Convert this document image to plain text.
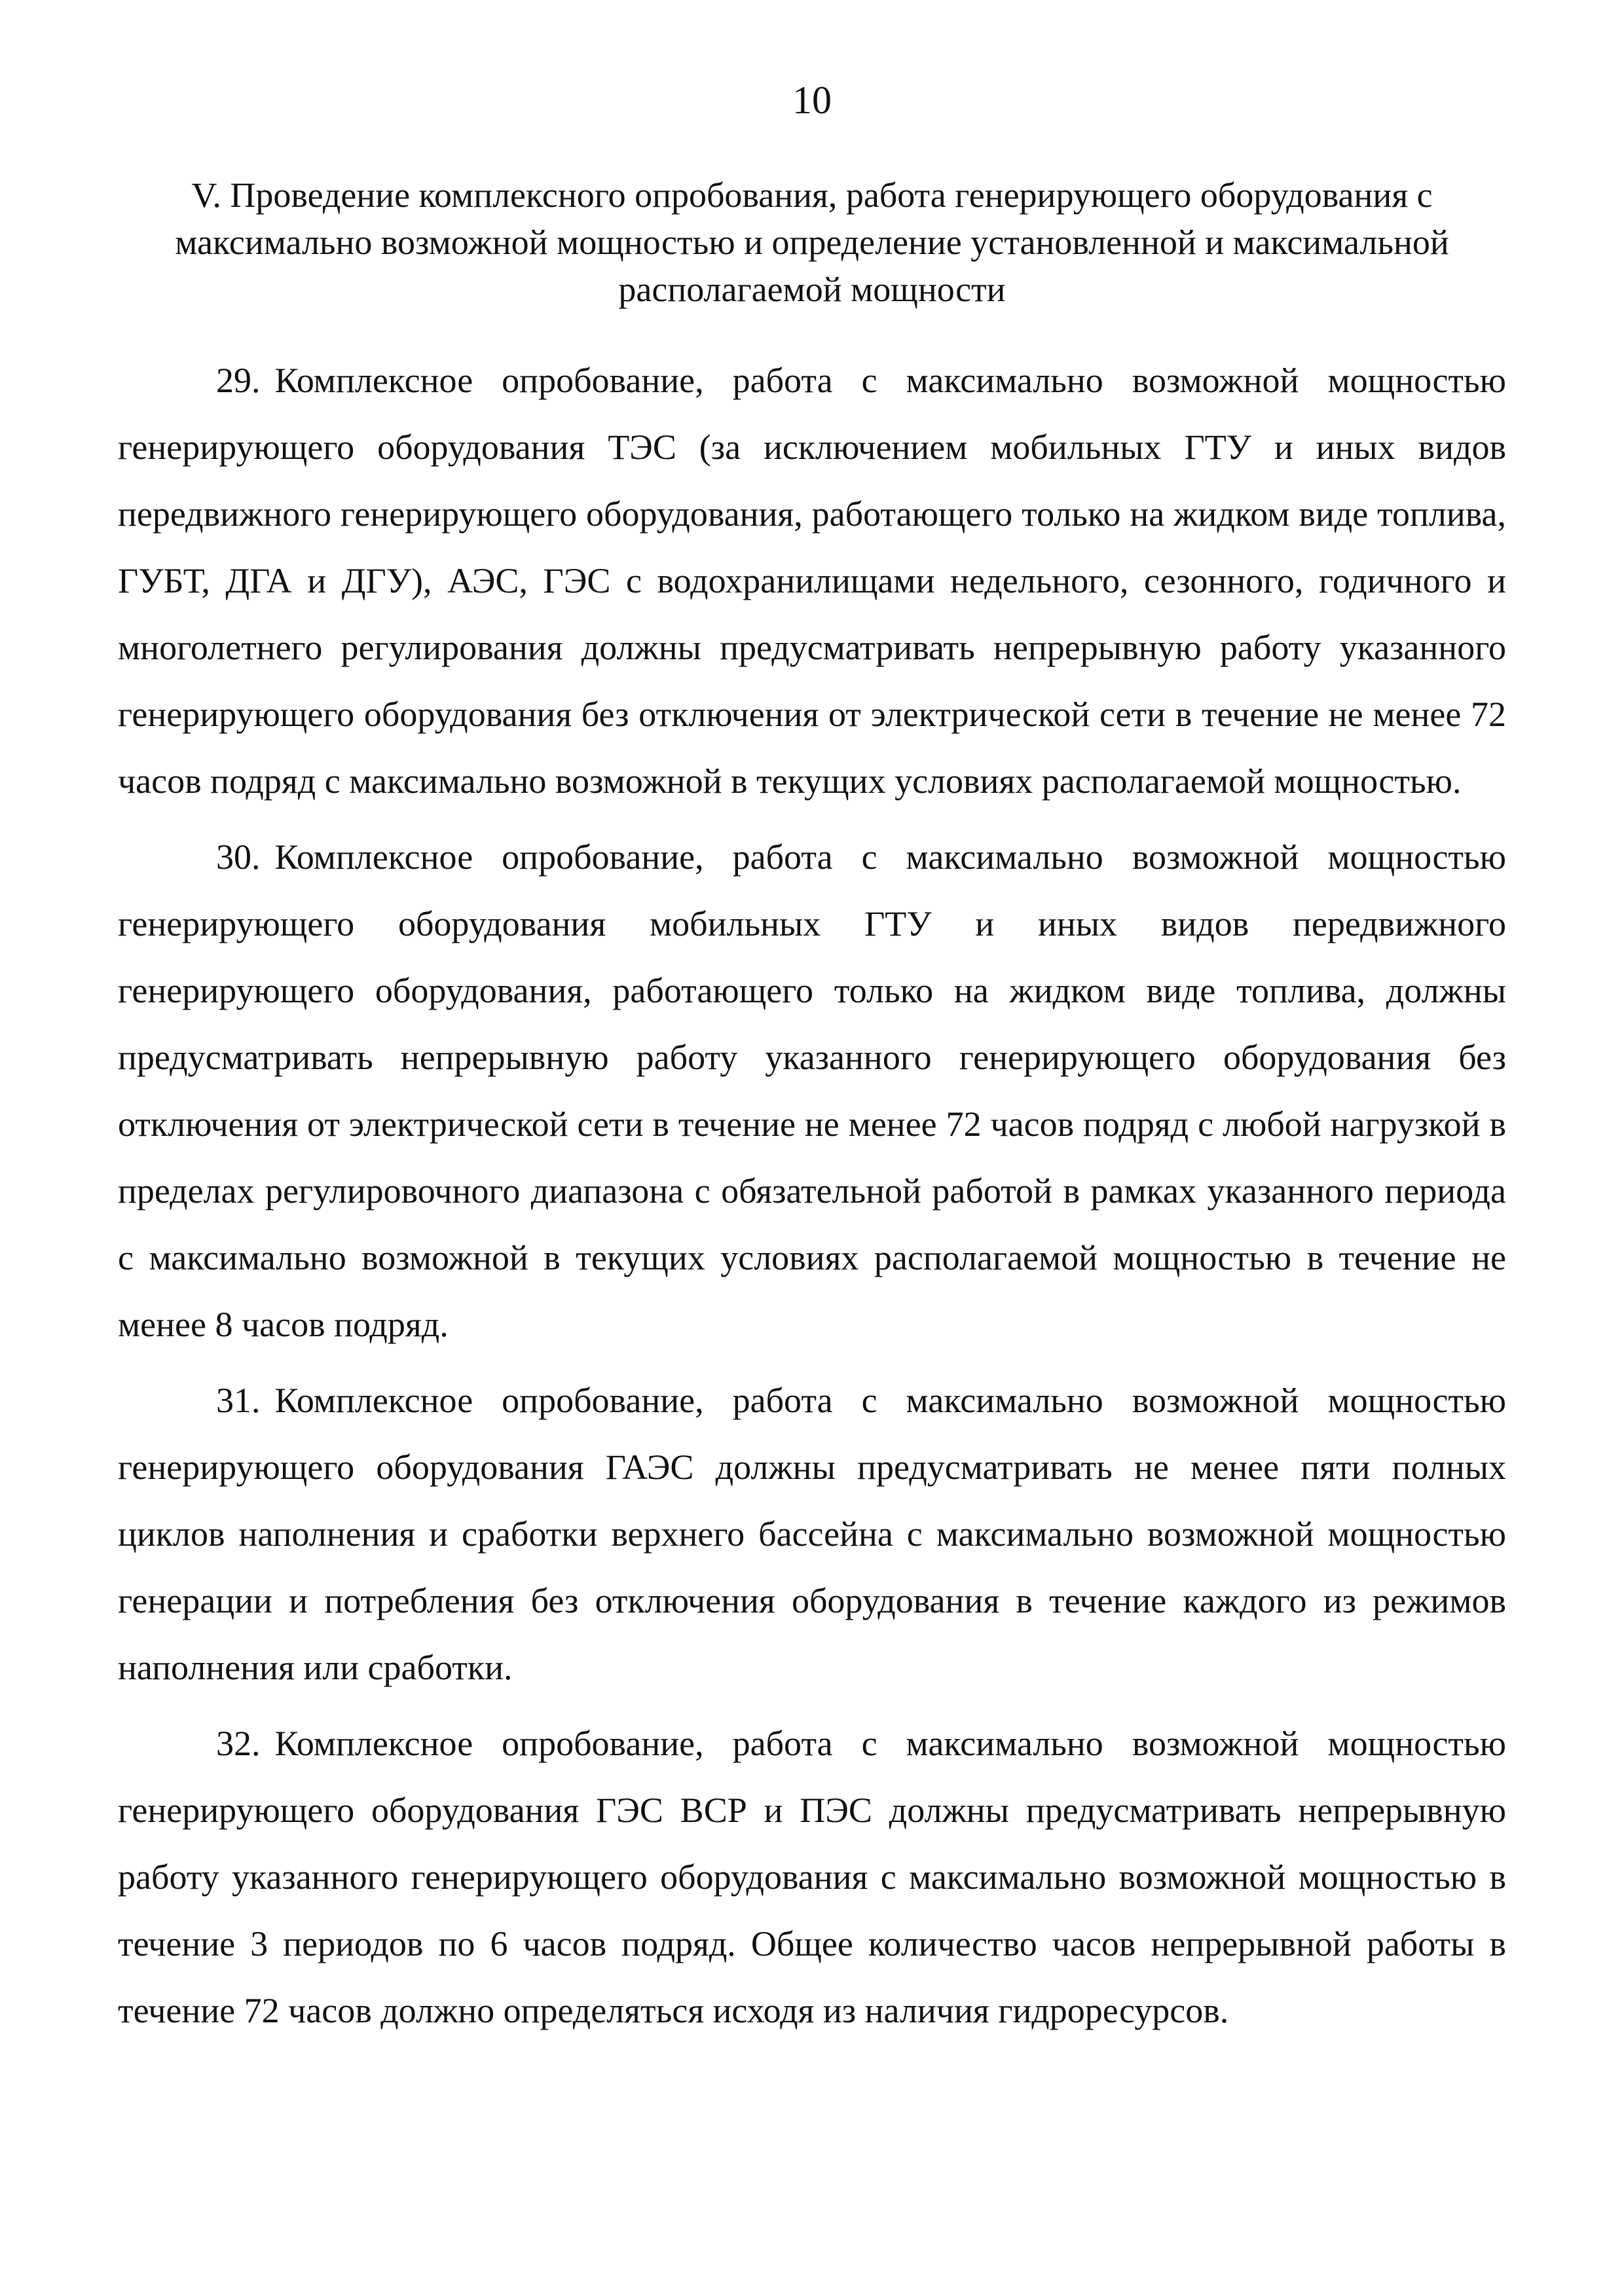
10
V. Проведение комплексного опробования, работа генерирующего оборудования с максимально возможной мощностью и определение установленной и максимальной располагаемой мощности

29. Комплексное опробование, работа с максимально возможной мощностью генерирующего оборудования ТЭС (за исключением мобильных ГТУ и иных видов передвижного генерирующего оборудования, работающего только на жидком виде топлива, ГУБТ, ДГА и ДГУ), АЭС, ГЭС с водохранилищами недельного, сезонного, годичного и многолетнего регулирования должны предусматривать непрерывную работу указанного генерирующего оборудования без отключения от электрической сети в течение не менее 72 часов подряд с максимально возможной в текущих условиях располагаемой мощностью.

30. Комплексное опробование, работа с максимально возможной мощностью генерирующего оборудования мобильных ГТУ и иных видов передвижного генерирующего оборудования, работающего только на жидком виде топлива, должны предусматривать непрерывную работу указанного генерирующего оборудования без отключения от электрической сети в течение не менее 72 часов подряд с любой нагрузкой в пределах регулировочного диапазона с обязательной работой в рамках указанного периода с максимально возможной в текущих условиях располагаемой мощностью в течение не менее 8 часов подряд.

31. Комплексное опробование, работа с максимально возможной мощностью генерирующего оборудования ГАЭС должны предусматривать не менее пяти полных циклов наполнения и сработки верхнего бассейна с максимально возможной мощностью генерации и потребления без отключения оборудования в течение каждого из режимов наполнения или сработки.

32. Комплексное опробование, работа с максимально возможной мощностью генерирующего оборудования ГЭС ВСР и ПЭС должны предусматривать непрерывную работу указанного генерирующего оборудования с максимально возможной мощностью в течение 3 периодов по 6 часов подряд. Общее количество часов непрерывной работы в течение 72 часов должно определяться исходя из наличия гидроресурсов.
